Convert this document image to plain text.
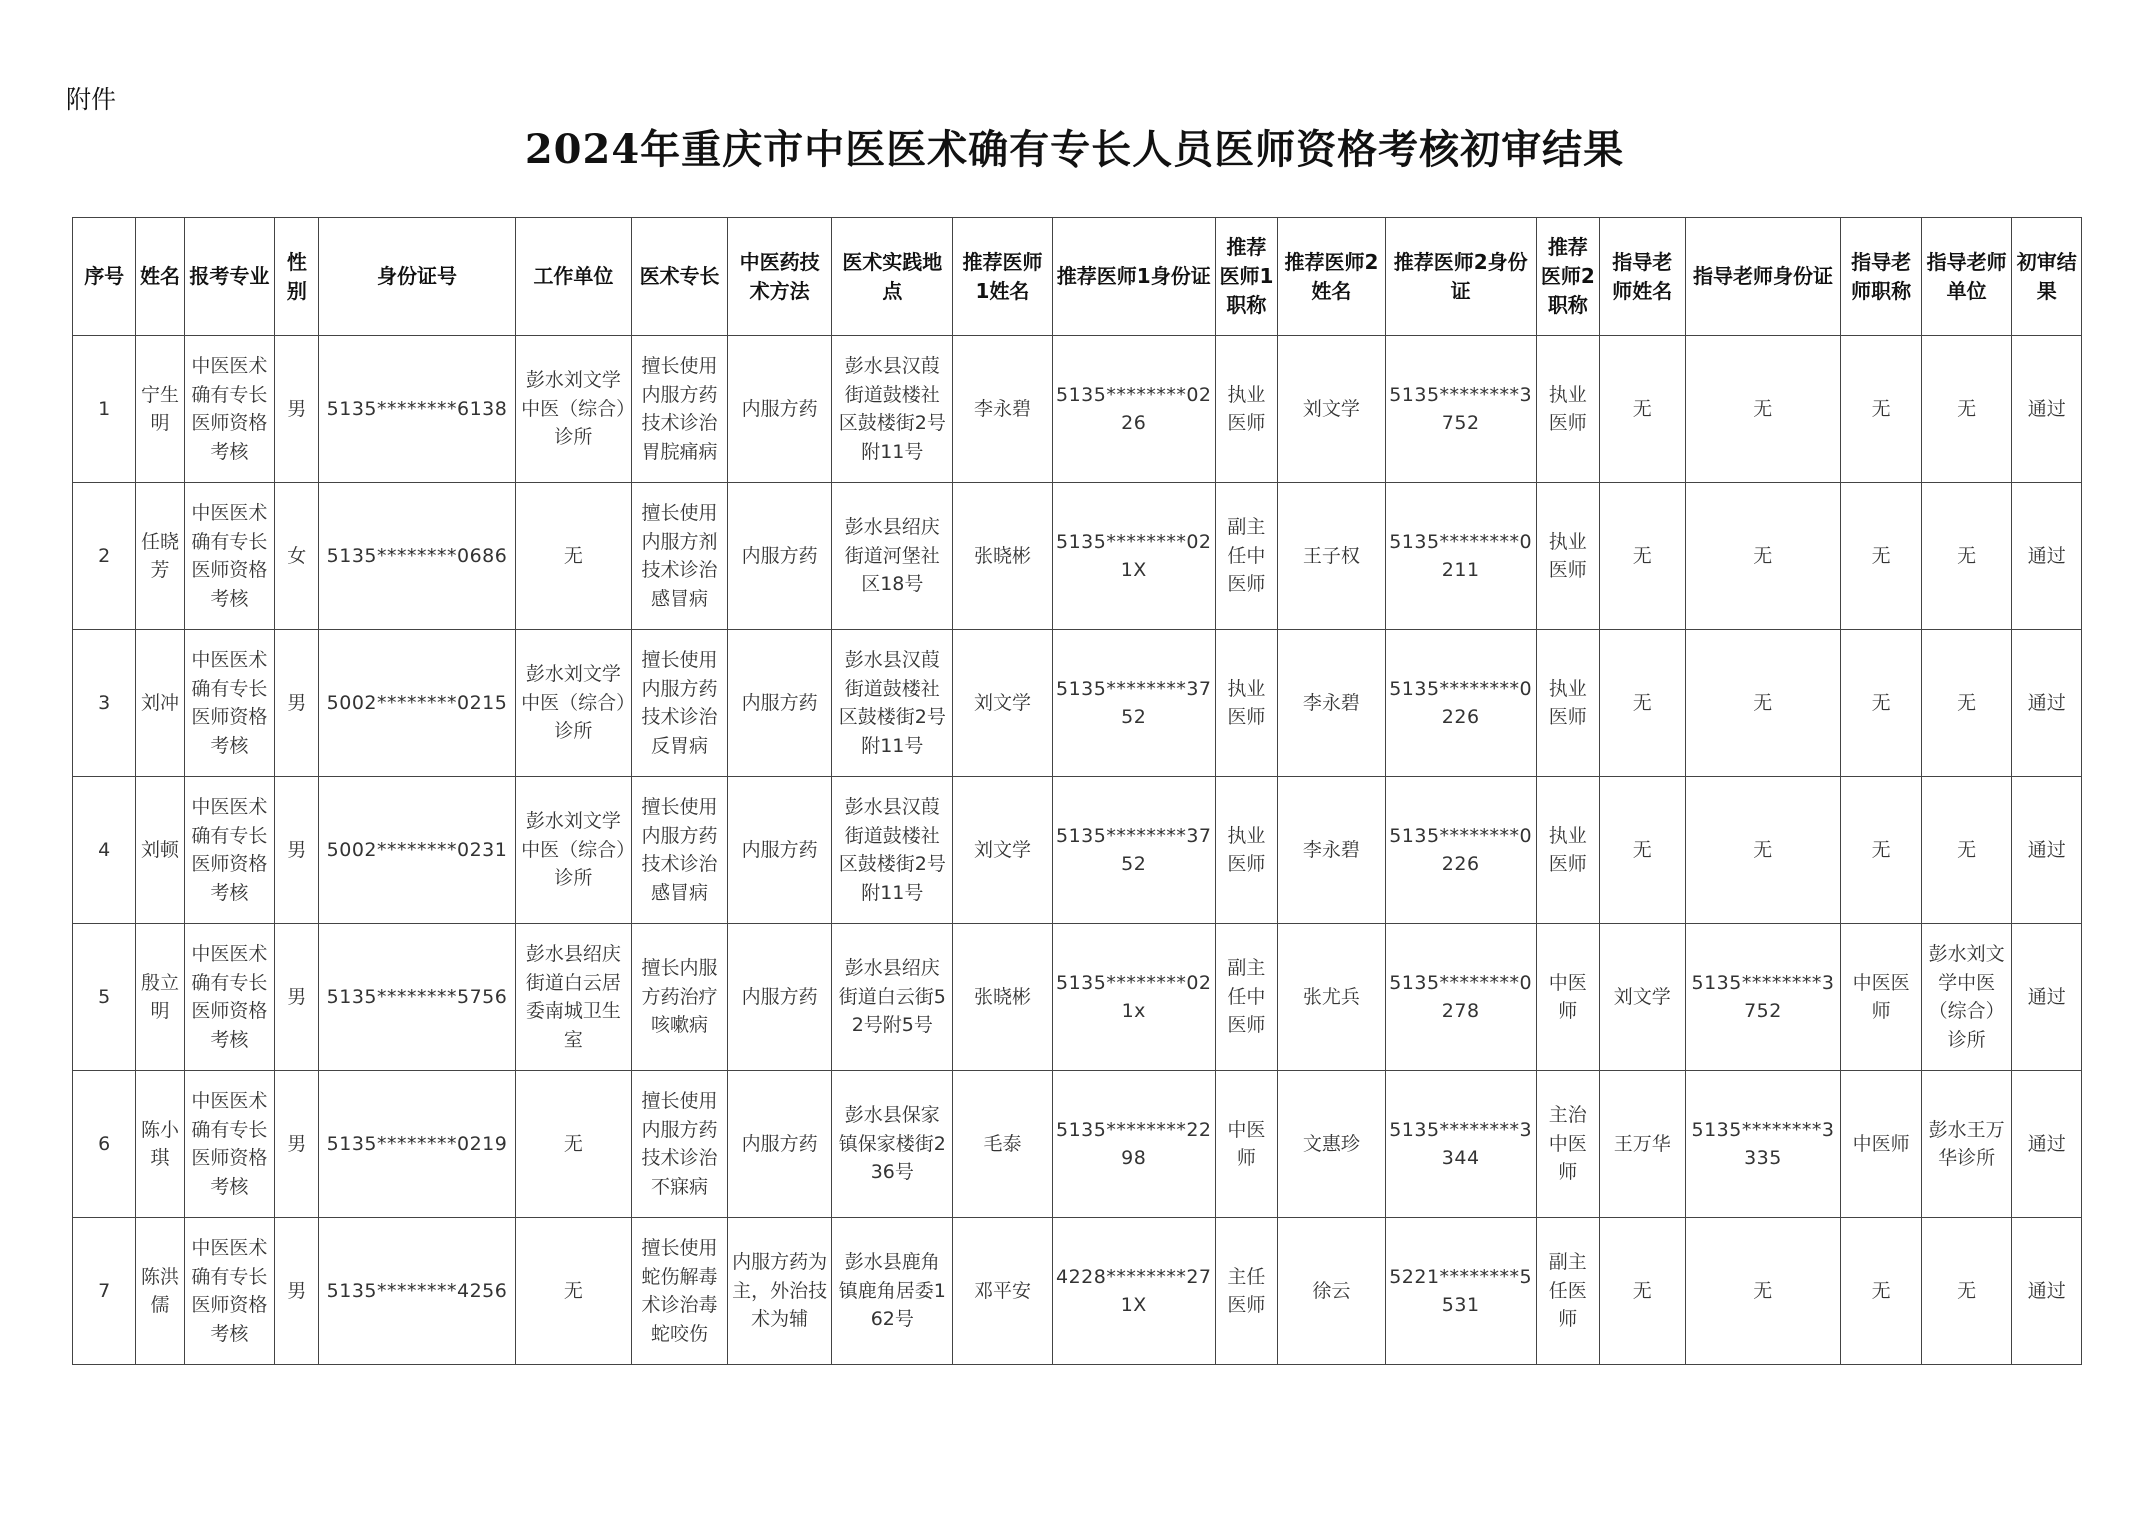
附件
2024年重庆市中医医术确有专长人员医师资格考核初审结果
序号	姓名	报考专业	性别	身份证号	工作单位	医术专长	中医药技术方法	医术实践地点	推荐医师1姓名	推荐医师1身份证	推荐医师1职称	推荐医师2姓名	推荐医师2身份证	推荐医师2职称	指导老师姓名	指导老师身份证	指导老师职称	指导老师单位	初审结果
1	宁生明	中医医术确有专长医师资格考核	男	5135********6138	彭水刘文学中医（综合）诊所	擅长使用内服方药技术诊治胃脘痛病	内服方药	彭水县汉葭街道鼓楼社区鼓楼街2号附11号	李永碧	5135********0226	执业医师	刘文学	5135********3752	执业医师	无	无	无	无	通过
2	任晓芳	中医医术确有专长医师资格考核	女	5135********0686	无	擅长使用内服方剂技术诊治感冒病	内服方药	彭水县绍庆街道河堡社区18号	张晓彬	5135********021X	副主任中医师	王子权	5135********0211	执业医师	无	无	无	无	通过
3	刘冲	中医医术确有专长医师资格考核	男	5002********0215	彭水刘文学中医（综合）诊所	擅长使用内服方药技术诊治反胃病	内服方药	彭水县汉葭街道鼓楼社区鼓楼街2号附11号	刘文学	5135********3752	执业医师	李永碧	5135********0226	执业医师	无	无	无	无	通过
4	刘顿	中医医术确有专长医师资格考核	男	5002********0231	彭水刘文学中医（综合）诊所	擅长使用内服方药技术诊治感冒病	内服方药	彭水县汉葭街道鼓楼社区鼓楼街2号附11号	刘文学	5135********3752	执业医师	李永碧	5135********0226	执业医师	无	无	无	无	通过
5	殷立明	中医医术确有专长医师资格考核	男	5135********5756	彭水县绍庆街道白云居委南城卫生室	擅长内服方药治疗咳嗽病	内服方药	彭水县绍庆街道白云街52号附5号	张晓彬	5135********021x	副主任中医师	张尤兵	5135********0278	中医师	刘文学	5135********3752	中医医师	彭水刘文学中医（综合）诊所	通过
6	陈小琪	中医医术确有专长医师资格考核	男	5135********0219	无	擅长使用内服方药技术诊治不寐病	内服方药	彭水县保家镇保家楼街236号	毛泰	5135********2298	中医师	文惠珍	5135********3344	主治中医师	王万华	5135********3335	中医师	彭水王万华诊所	通过
7	陈洪儒	中医医术确有专长医师资格考核	男	5135********4256	无	擅长使用蛇伤解毒术诊治毒蛇咬伤	内服方药为主，外治技术为辅	彭水县鹿角镇鹿角居委162号	邓平安	4228********271X	主任医师	徐云	5221********5531	副主任医师	无	无	无	无	通过
